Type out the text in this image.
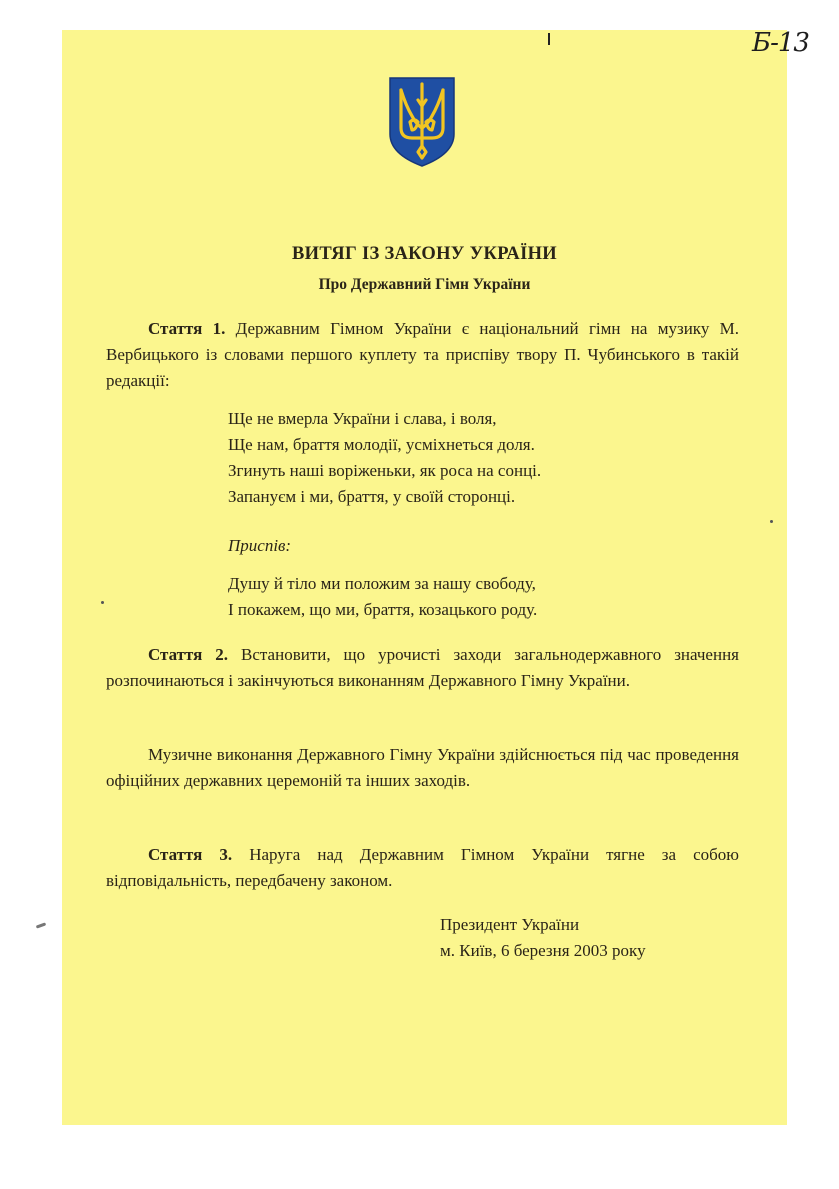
Б-13
ВИТЯГ ІЗ ЗАКОНУ УКРАЇНИ
Про Державний Гімн України
Стаття 1. Державним Гімном України є національний гімн на музику М. Вербицького із словами першого куплету та приспіву твору П. Чубинського в такій редакції:
Ще не вмерла України і слава, і воля,
Ще нам, браття молодії, усміхнеться доля.
Згинуть наші воріженьки, як роса на сонці.
Запануєм і ми, браття, у своїй сторонці.
Приспів:
Душу й тіло ми положим за нашу свободу,
І покажем, що ми, браття, козацького роду.
Стаття 2. Встановити, що урочисті заходи загальнодержавного значення розпочинаються і закінчуються виконанням Державного Гімну України.
Музичне виконання Державного Гімну України здійснюється під час проведення офіційних державних церемоній та інших заходів.
Стаття 3. Наруга над Державним Гімном України тягне за собою відповідальність, передбачену законом.
Президент України
м. Київ, 6 березня 2003 року
